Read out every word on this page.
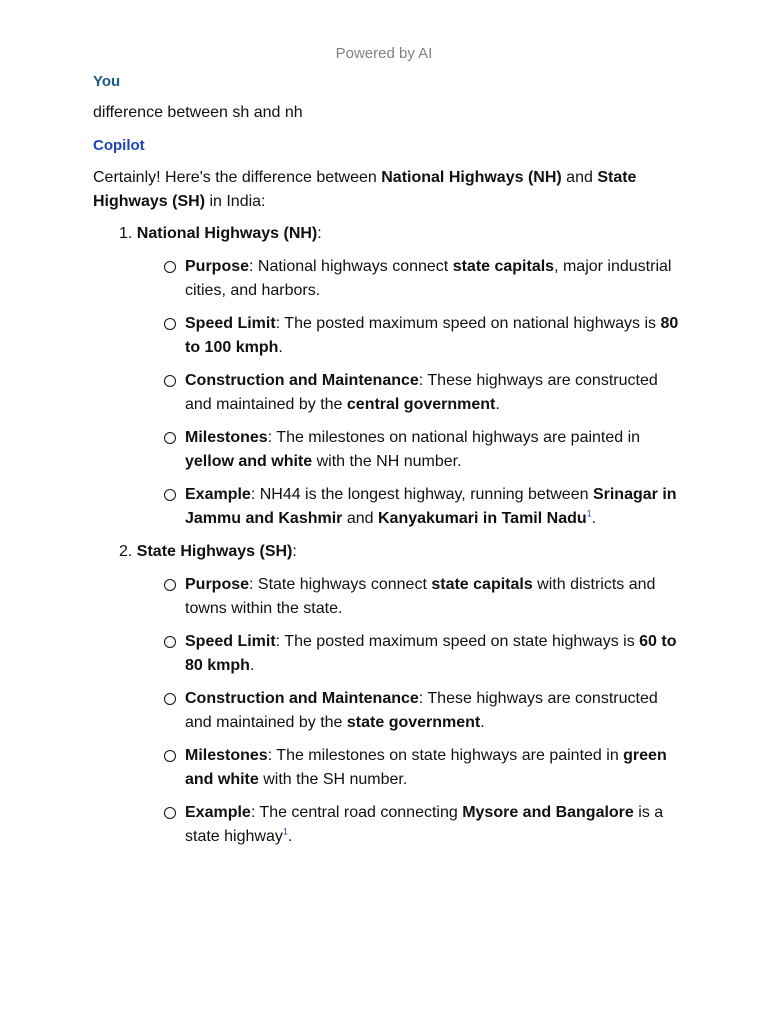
Powered by AI
You
difference between sh and nh
Copilot
Certainly! Here's the difference between National Highways (NH) and State Highways (SH) in India:
1. National Highways (NH):
Purpose: National highways connect state capitals, major industrial cities, and harbors.
Speed Limit: The posted maximum speed on national highways is 80 to 100 kmph.
Construction and Maintenance: These highways are constructed and maintained by the central government.
Milestones: The milestones on national highways are painted in yellow and white with the NH number.
Example: NH44 is the longest highway, running between Srinagar in Jammu and Kashmir and Kanyakumari in Tamil Nadu$^1$.
2. State Highways (SH):
Purpose: State highways connect state capitals with districts and towns within the state.
Speed Limit: The posted maximum speed on state highways is 60 to 80 kmph.
Construction and Maintenance: These highways are constructed and maintained by the state government.
Milestones: The milestones on state highways are painted in green and white with the SH number.
Example: The central road connecting Mysore and Bangalore is a state highway$^1$.
